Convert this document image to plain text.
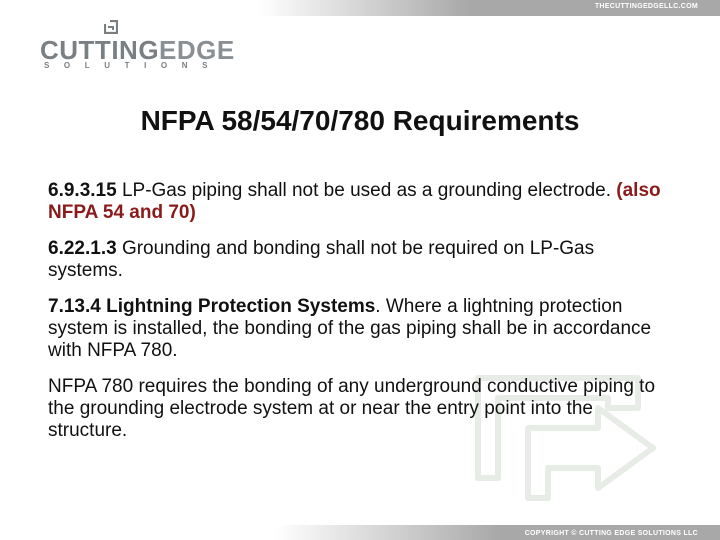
THECUTTINGEDGELLC.COM
CUTTINGEDGE
SOLUTIONS
NFPA 58/54/70/780 Requirements

6.9.3.15 LP-Gas piping shall not be used as a grounding electrode. (also NFPA 54 and 70)

6.22.1.3 Grounding and bonding shall not be required on LP-Gas systems.

7.13.4 Lightning Protection Systems. Where a lightning protection system is installed, the bonding of the gas piping shall be in accordance with NFPA 780.

NFPA 780 requires the bonding of any underground conductive piping to the grounding electrode system at or near the entry point into the structure.

COPYRIGHT © CUTTING EDGE SOLUTIONS LLC
